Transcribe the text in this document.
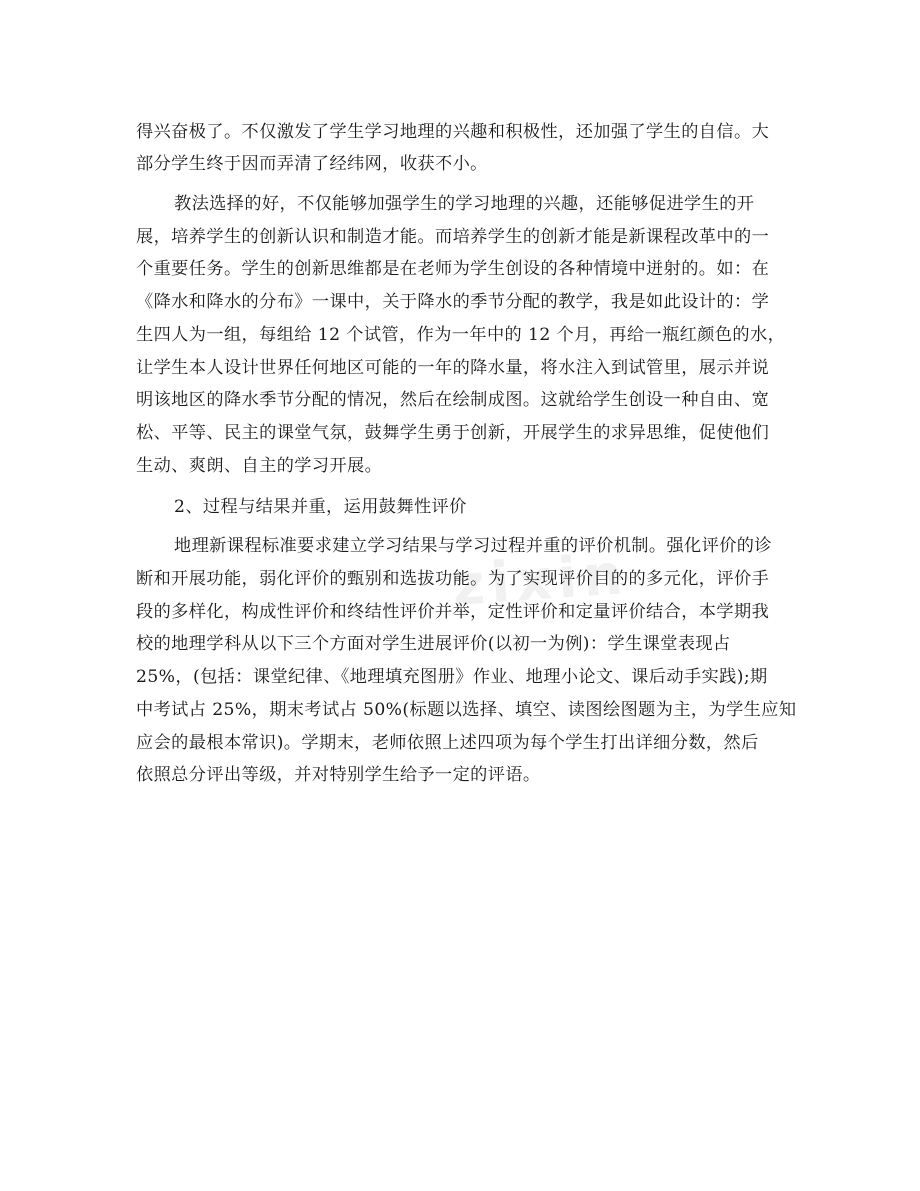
zixin
得兴奋极了。不仅激发了学生学习地理的兴趣和积极性，还加强了学生的自信。大
部分学生终于因而弄清了经纬网，收获不小。
教法选择的好，不仅能够加强学生的学习地理的兴趣，还能够促进学生的开
展，培养学生的创新认识和制造才能。而培养学生的创新才能是新课程改革中的一
个重要任务。学生的创新思维都是在老师为学生创设的各种情境中迸射的。如：在
《降水和降水的分布》一课中，关于降水的季节分配的教学，我是如此设计的：学
生四人为一组，每组给 12 个试管，作为一年中的 12 个月，再给一瓶红颜色的水，
让学生本人设计世界任何地区可能的一年的降水量，将水注入到试管里，展示并说
明该地区的降水季节分配的情况，然后在绘制成图。这就给学生创设一种自由、宽
松、平等、民主的课堂气氛，鼓舞学生勇于创新，开展学生的求异思维，促使他们
生动、爽朗、自主的学习开展。
2、过程与结果并重，运用鼓舞性评价
地理新课程标准要求建立学习结果与学习过程并重的评价机制。强化评价的诊
断和开展功能，弱化评价的甄别和选拔功能。为了实现评价目的的多元化，评价手
段的多样化，构成性评价和终结性评价并举，定性评价和定量评价结合，本学期我
校的地理学科从以下三个方面对学生进展评价(以初一为例)：学生课堂表现占
25%，(包括：课堂纪律、《地理填充图册》作业、地理小论文、课后动手实践);期
中考试占 25%，期末考试占 50%(标题以选择、填空、读图绘图题为主，为学生应知
应会的最根本常识)。学期末，老师依照上述四项为每个学生打出详细分数，然后
依照总分评出等级，并对特别学生给予一定的评语。
